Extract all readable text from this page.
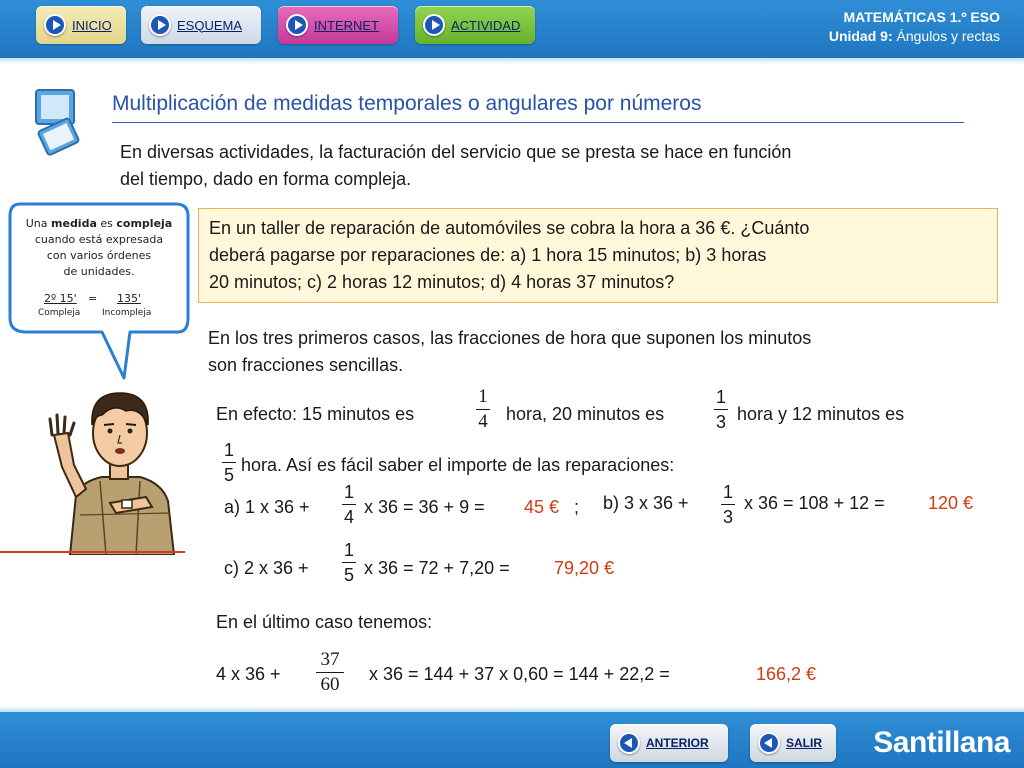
INICIO	ESQUEMA	INTERNET	ACTIVIDAD	MATEMÁTICAS 1.º ESO
Unidad 9: Ángulos y rectas
Multiplicación de medidas temporales o angulares por números
En diversas actividades, la facturación del servicio que se presta se hace en función
del tiempo, dado en forma compleja.
En un taller de reparación de automóviles se cobra la hora a 36 €. ¿Cuánto
deberá pagarse por reparaciones de: a) 1 hora 15 minutos; b) 3 horas
20 minutos; c) 2 horas 12 minutos; d) 4 horas 37 minutos?
En los tres primeros casos, las fracciones de hora que suponen los minutos
son fracciones sencillas.
En efecto: 15 minutos es
1
4 hora, 20 minutos es
1
3 hora y 12 minutos es
1
5 hora. Así es fácil saber el importe de las reparaciones:
a) 1 x 36 +
1
4 x 36 = 36 + 9 = 45 € ; b) 3 x 36 +
1
3
x 36 = 108 + 12 = 120 €
c) 2 x 36 +
1
5 x 36 = 72 + 7,20 = 79,20 €
En el último caso tenemos:
4 x 36 +
37
60 x 36 = 144 + 37 x 0,60 = 144 + 22,2 =	166,2 €
Una medida es compleja
cuando está expresada
con varios órdenes
de unidades.
2º 15' = 135'
Compleja Incompleja
ANTERIOR	SALIR Santillana
